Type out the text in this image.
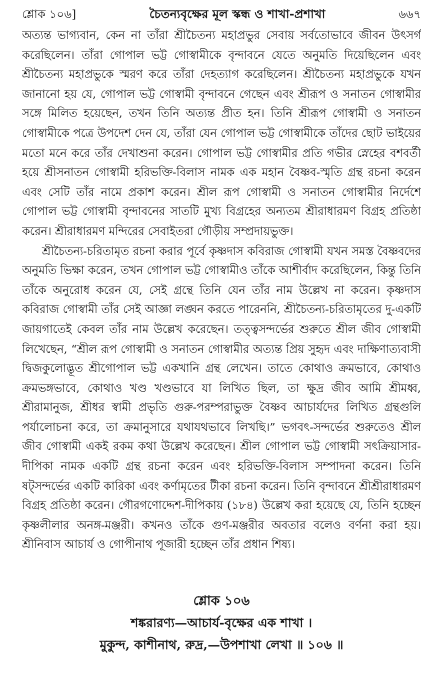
শ্লোক ১০৬]	চৈতন্যবৃক্ষের মূল স্কন্ধ ও শাখা-প্রশাখা	৬৬৭

অত্যন্ত ভাগ্যবান, কেন না তাঁরা শ্রীচৈতন্য মহাপ্রভুর সেবায় সর্বতোভাবে জীবন উৎসর্গ করেছিলেন। তাঁরা গোপাল ভট্ট গোস্বামীকে বৃন্দাবনে যেতে অনুমতি দিয়েছিলেন এবং শ্রীচৈতন্য মহাপ্রভুকে স্মরণ করে তাঁরা দেহত্যাগ করেছিলেন। শ্রীচৈতন্য মহাপ্রভুকে যখন জানানো হয় যে, গোপাল ভট্ট গোস্বামী বৃন্দাবনে গেছেন এবং শ্রীরূপ ও সনাতন গোস্বামীর সঙ্গে মিলিত হয়েছেন, তখন তিনি অত্যন্ত প্রীত হন। তিনি শ্রীরূপ গোস্বামী ও সনাতন গোস্বামীকে পত্রে উপদেশ দেন যে, তাঁরা যেন গোপাল ভট্ট গোস্বামীকে তাঁদের ছোট ভাইয়ের মতো মনে করে তাঁর দেখাশুনা করেন। গোপাল ভট্ট গোস্বামীর প্রতি গভীর স্নেহের বশবর্তী হয়ে শ্রীসনাতন গোস্বামী হরিভক্তি-বিলাস নামক এক মহান বৈষ্ণব-স্মৃতি গ্রন্থ রচনা করেন এবং সেটি তাঁর নামে প্রকাশ করেন। শ্রীল রূপ গোস্বামী ও সনাতন গোস্বামীর নির্দেশে গোপাল ভট্ট গোস্বামী বৃন্দাবনের সাতটি মুখ্য বিগ্রহের অন্যতম শ্রীরাধারমণ বিগ্রহ প্রতিষ্ঠা করেন। শ্রীরাধারমণ মন্দিরের সেবাইতরা গৌড়ীয় সম্প্রদায়ভুক্ত।

শ্রীচৈতন্য-চরিতামৃত রচনা করার পূর্বে কৃষ্ণদাস কবিরাজ গোস্বামী যখন সমস্ত বৈষ্ণবদের অনুমতি ভিক্ষা করেন, তখন গোপাল ভট্ট গোস্বামীও তাঁকে আশীর্বাদ করেছিলেন, কিন্তু তিনি তাঁকে অনুরোধ করেন যে, সেই গ্রন্থে তিনি যেন তাঁর নাম উল্লেখ না করেন। কৃষ্ণদাস কবিরাজ গোস্বামী তাঁর সেই আজ্ঞা লঙ্ঘন করতে পারেননি, শ্রীচৈতন্য-চরিতামৃতের দু-একটি জায়গাতেই কেবল তাঁর নাম উল্লেখ করেছেন। তত্ত্বসন্দর্ভের শুরুতে শ্রীল জীব গোস্বামী লিখেছেন, “শ্রীল রূপ গোস্বামী ও সনাতন গোস্বামীর অত্যন্ত প্রিয় সুহৃদ এবং দাক্ষিণাত্যবাসী দ্বিজকুলোদ্ভূত শ্রীগোপাল ভট্ট একখানি গ্রন্থ লেখেন। তাতে কোথাও ক্রমভাবে, কোথাও ক্রমভঙ্গভাবে, কোথাও খণ্ড খণ্ডভাবে যা লিখিত ছিল, তা ক্ষুদ্র জীব আমি শ্রীমধ্ব, শ্রীরামানুজ, শ্রীধর স্বামী প্রভৃতি গুরু-পরম্পরাভুক্ত বৈষ্ণব আচার্যদের লিখিত গ্রন্থগুলি পর্যালোচনা করে, তা ক্রমানুসারে যথাযথভাবে লিখছি।” ভগবৎ-সন্দর্ভের শুরুতেও শ্রীল জীব গোস্বামী একই রকম কথা উল্লেখ করেছেন। শ্রীল গোপাল ভট্ট গোস্বামী সৎক্রিয়াসার-দীপিকা নামক একটি গ্রন্থ রচনা করেন এবং হরিভক্তি-বিলাস সম্পাদনা করেন। তিনি ষট্‌সন্দর্ভের একটি কারিকা এবং কর্ণামৃতের টীকা রচনা করেন। তিনি বৃন্দাবনে শ্রীশ্রীরাধারমণ বিগ্রহ প্রতিষ্ঠা করেন। গৌরগণোদ্দেশ-দীপিকায় (১৮৪) উল্লেখ করা হয়েছে যে, তিনি হচ্ছেন কৃষ্ণলীলার অনঙ্গ-মঞ্জরী। কখনও তাঁকে গুণ-মঞ্জরীর অবতার বলেও বর্ণনা করা হয়। শ্রীনিবাস আচার্য ও গোপীনাথ পূজারী হচ্ছেন তাঁর প্রধান শিষ্য।

শ্লোক ১০৬
শঙ্করারণ্য—আচার্য-বৃক্ষের এক শাখা ।
মুকুন্দ, কাশীনাথ, রুদ্র,—উপশাখা লেখা ॥ ১০৬ ॥
